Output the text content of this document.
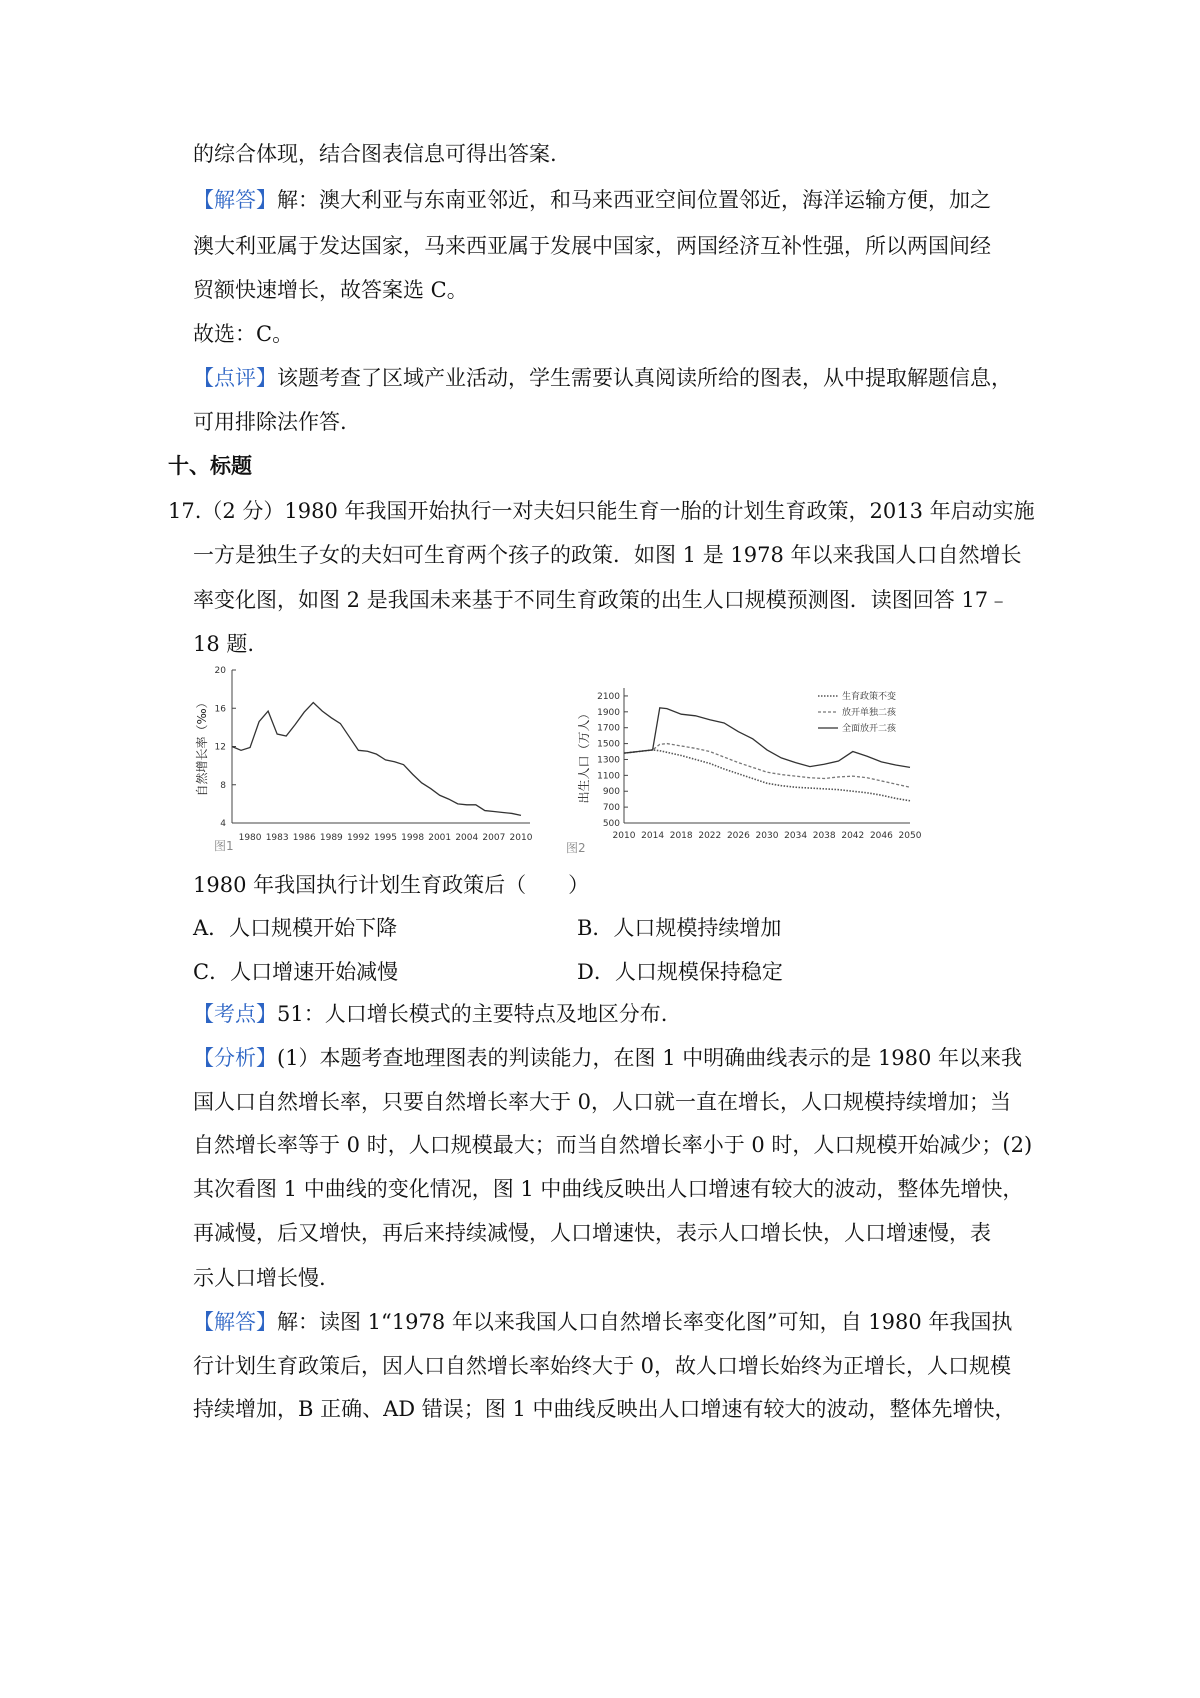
的综合体现，结合图表信息可得出答案.
【解答】解：澳大利亚与东南亚邻近，和马来西亚空间位置邻近，海洋运输方便，加之
澳大利亚属于发达国家，马来西亚属于发展中国家，两国经济互补性强，所以两国间经
贸额快速增长，故答案选 C。
故选：C。
【点评】该题考查了区域产业活动，学生需要认真阅读所给的图表，从中提取解题信息，
可用排除法作答.
十、标题
17.（2 分）1980 年我国开始执行一对夫妇只能生育一胎的计划生育政策，2013 年启动实施
一方是独生子女的夫妇可生育两个孩子的政策．如图 1 是 1978 年以来我国人口自然增长
率变化图，如图 2 是我国未来基于不同生育政策的出生人口规模预测图．读图回答 17﹣
18 题.
4
8
12
16
20
1980 1983 1986 1989 1992 1995 1998 2001 2004 2007 2010
自然增长率（‰）
图1
500
700
900
1100
1300
1500
1700
1900
2100
2010 2014 2018 2022 2026 2030 2034 2038 2042 2046 2050
出生人口（万人）
生育政策不变
放开单独二孩
全面放开二孩
图2
1980 年我国执行计划生育政策后（　　）
A．人口规模开始下降	B．人口规模持续增加
C．人口增速开始减慢	D．人口规模保持稳定
【考点】51：人口增长模式的主要特点及地区分布.
【分析】(1）本题考查地理图表的判读能力，在图 1 中明确曲线表示的是 1980 年以来我
国人口自然增长率，只要自然增长率大于 0，人口就一直在增长，人口规模持续增加；当
自然增长率等于 0 时，人口规模最大；而当自然增长率小于 0 时，人口规模开始减少；(2)
其次看图 1 中曲线的变化情况，图 1 中曲线反映出人口增速有较大的波动，整体先增快，
再减慢，后又增快，再后来持续减慢，人口增速快，表示人口增长快，人口增速慢，表
示人口增长慢.
【解答】解：读图 1“1978 年以来我国人口自然增长率变化图”可知，自 1980 年我国执
行计划生育政策后，因人口自然增长率始终大于 0，故人口增长始终为正增长，人口规模
持续增加，B 正确、AD 错误；图 1 中曲线反映出人口增速有较大的波动，整体先增快，
